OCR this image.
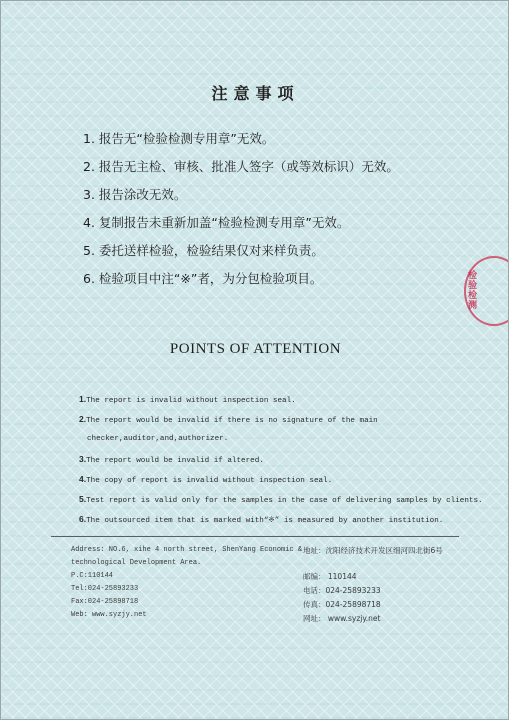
注意事项
1. 报告无“检验检测专用章”无效。
2. 报告无主检、审核、批准人签字（或等效标识）无效。
3. 报告涂改无效。
4. 复制报告未重新加盖“检验检测专用章”无效。
5. 委托送样检验，检验结果仅对来样负责。
6. 检验项目中注“※”者，为分包检验项目。	检验检测
POINTS OF ATTENTION
1.The report is invalid without inspection seal.
2.The report would be invalid if there is no signature of the main
checker,auditor,and,authorizer.
3.The report would be invalid if altered.
4.The copy of report is invalid without inspection seal.
5.Test report is valid only for the samples in the case of delivering samples by clients.
6.The outsourced item that is marked with“※” is measured by another institution.
Address: NO.6, xihe 4 north street, ShenYang Economic &
technological Development Area.
P.C:110144
Tel:024-25893233
Fax:024-25898718
Web: www.syzjy.net
地址：沈阳经济技术开发区细河四北街6号
邮编： 110144
电话：024-25893233
传真：024-25898718
网址： www.syzjy.net
